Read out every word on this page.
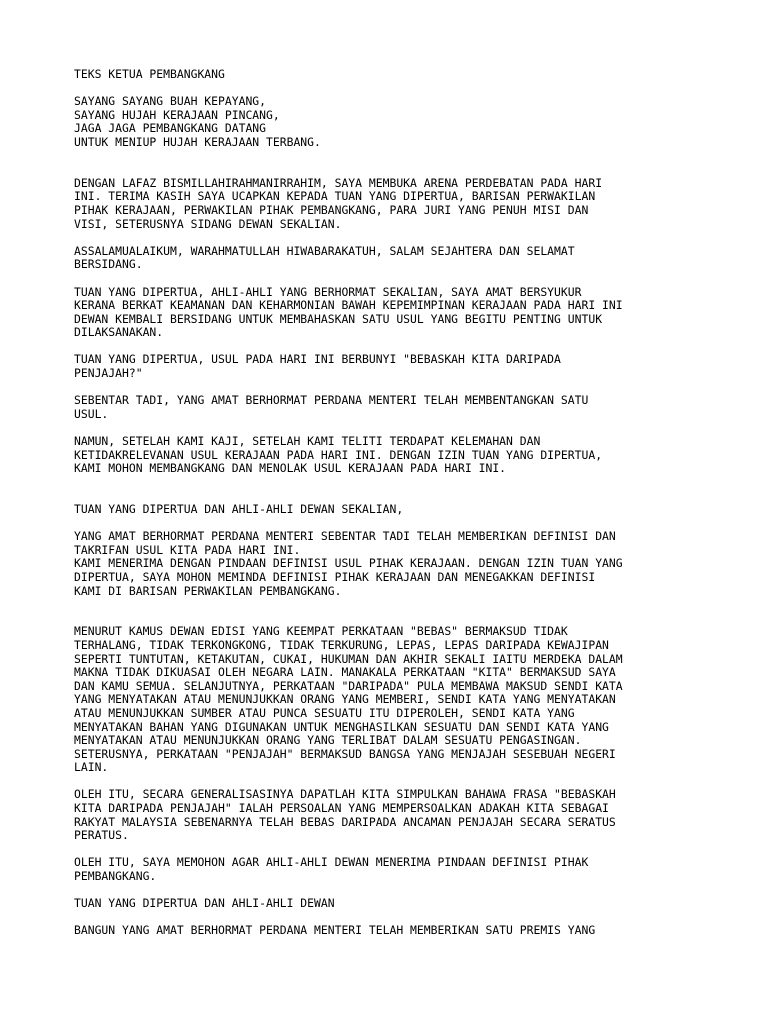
TEKS KETUA PEMBANGKANG
SAYANG SAYANG BUAH KEPAYANG,
SAYANG HUJAH KERAJAAN PINCANG,
JAGA JAGA PEMBANGKANG DATANG
UNTUK MENIUP HUJAH KERAJAAN TERBANG.
DENGAN LAFAZ BISMILLAHIRAHMANIRRAHIM, SAYA MEMBUKA ARENA PERDEBATAN PADA HARI
INI. TERIMA KASIH SAYA UCAPKAN KEPADA TUAN YANG DIPERTUA, BARISAN PERWAKILAN
PIHAK KERAJAAN, PERWAKILAN PIHAK PEMBANGKANG, PARA JURI YANG PENUH MISI DAN
VISI, SETERUSNYA SIDANG DEWAN SEKALIAN.
ASSALAMUALAIKUM, WARAHMATULLAH HIWABARAKATUH, SALAM SEJAHTERA DAN SELAMAT
BERSIDANG.
TUAN YANG DIPERTUA, AHLI-AHLI YANG BERHORMAT SEKALIAN, SAYA AMAT BERSYUKUR
KERANA BERKAT KEAMANAN DAN KEHARMONIAN BAWAH KEPEMIMPINAN KERAJAAN PADA HARI INI
DEWAN KEMBALI BERSIDANG UNTUK MEMBAHASKAN SATU USUL YANG BEGITU PENTING UNTUK
DILAKSANAKAN.
TUAN YANG DIPERTUA, USUL PADA HARI INI BERBUNYI "BEBASKAH KITA DARIPADA
PENJAJAH?"
SEBENTAR TADI, YANG AMAT BERHORMAT PERDANA MENTERI TELAH MEMBENTANGKAN SATU
USUL.
NAMUN, SETELAH KAMI KAJI, SETELAH KAMI TELITI TERDAPAT KELEMAHAN DAN
KETIDAKRELEVANAN USUL KERAJAAN PADA HARI INI. DENGAN IZIN TUAN YANG DIPERTUA,
KAMI MOHON MEMBANGKANG DAN MENOLAK USUL KERAJAAN PADA HARI INI.
TUAN YANG DIPERTUA DAN AHLI-AHLI DEWAN SEKALIAN,
YANG AMAT BERHORMAT PERDANA MENTERI SEBENTAR TADI TELAH MEMBERIKAN DEFINISI DAN
TAKRIFAN USUL KITA PADA HARI INI.
KAMI MENERIMA DENGAN PINDAAN DEFINISI USUL PIHAK KERAJAAN. DENGAN IZIN TUAN YANG
DIPERTUA, SAYA MOHON MEMINDA DEFINISI PIHAK KERAJAAN DAN MENEGAKKAN DEFINISI
KAMI DI BARISAN PERWAKILAN PEMBANGKANG.
MENURUT KAMUS DEWAN EDISI YANG KEEMPAT PERKATAAN "BEBAS" BERMAKSUD TIDAK
TERHALANG, TIDAK TERKONGKONG, TIDAK TERKURUNG, LEPAS, LEPAS DARIPADA KEWAJIPAN
SEPERTI TUNTUTAN, KETAKUTAN, CUKAI, HUKUMAN DAN AKHIR SEKALI IAITU MERDEKA DALAM
MAKNA TIDAK DIKUASAI OLEH NEGARA LAIN. MANAKALA PERKATAAN "KITA" BERMAKSUD SAYA
DAN KAMU SEMUA. SELANJUTNYA, PERKATAAN "DARIPADA" PULA MEMBAWA MAKSUD SENDI KATA
YANG MENYATAKAN ATAU MENUNJUKKAN ORANG YANG MEMBERI, SENDI KATA YANG MENYATAKAN
ATAU MENUNJUKKAN SUMBER ATAU PUNCA SESUATU ITU DIPEROLEH, SENDI KATA YANG
MENYATAKAN BAHAN YANG DIGUNAKAN UNTUK MENGHASILKAN SESUATU DAN SENDI KATA YANG
MENYATAKAN ATAU MENUNJUKKAN ORANG YANG TERLIBAT DALAM SESUATU PENGASINGAN.
SETERUSNYA, PERKATAAN "PENJAJAH" BERMAKSUD BANGSA YANG MENJAJAH SESEBUAH NEGERI
LAIN.
OLEH ITU, SECARA GENERALISASINYA DAPATLAH KITA SIMPULKAN BAHAWA FRASA "BEBASKAH
KITA DARIPADA PENJAJAH" IALAH PERSOALAN YANG MEMPERSOALKAN ADAKAH KITA SEBAGAI
RAKYAT MALAYSIA SEBENARNYA TELAH BEBAS DARIPADA ANCAMAN PENJAJAH SECARA SERATUS
PERATUS.
OLEH ITU, SAYA MEMOHON AGAR AHLI-AHLI DEWAN MENERIMA PINDAAN DEFINISI PIHAK
PEMBANGKANG.
TUAN YANG DIPERTUA DAN AHLI-AHLI DEWAN
BANGUN YANG AMAT BERHORMAT PERDANA MENTERI TELAH MEMBERIKAN SATU PREMIS YANG
